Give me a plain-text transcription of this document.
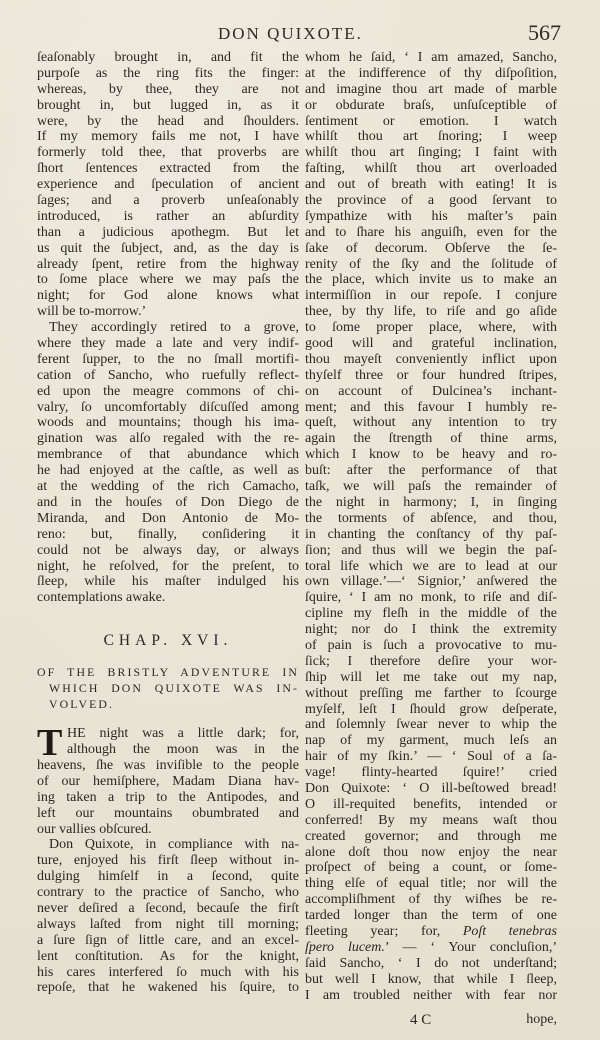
DON QUIXOTE.	567
‘ ſeaſonably brought in, and fit the
‘ purpoſe as the ring fits the finger:
‘ whereas, by thee, they are not
‘ brought in, but lugged in, as it
‘ were, by the head and ſhoulders.
‘ If my memory fails me not, I have
‘ formerly told thee, that proverbs are
‘ ſhort ſentences extracted from the
‘ experience and ſpeculation of ancient
‘ ſages; and a proverb unſeaſonably
‘ introduced, is rather an abſurdity
‘ than a judicious apothegm. But let
‘ us quit the ſubject, and, as the day is
‘ already ſpent, retire from the highway
‘ to ſome place where we may paſs the
‘ night; for God alone knows what
‘ will be to-morrow.’
They accordingly retired to a grove,
where they made a late and very indif-
ferent ſupper, to the no ſmall mortifi-
cation of Sancho, who ruefully reflect-
ed upon the meagre commons of chi-
valry, ſo uncomfortably diſcuſſed among
woods and mountains; though his ima-
gination was alſo regaled with the re-
membrance of that abundance which
he had enjoyed at the caſtle, as well as
at the wedding of the rich Camacho,
and in the houſes of Don Diego de
Miranda, and Don Antonio de Mo-
reno: but, finally, conſidering it
could not be always day, or always
night, he reſolved, for the preſent, to
ſleep, while his maſter indulged his
contemplations awake.
CHAP. XVI.
OF THE BRISTLY ADVENTURE IN
WHICH DON QUIXOTE WAS IN-
VOLVED.
T HE night was a little dark; for,
although the moon was in the
heavens, ſhe was inviſible to the people
of our hemiſphere, Madam Diana hav-
ing taken a trip to the Antipodes, and
left our mountains obumbrated and
our vallies obſcured.
Don Quixote, in compliance with na-
ture, enjoyed his firſt ſleep without in-
dulging himſelf in a ſecond, quite
contrary to the practice of Sancho, who
never deſired a ſecond, becauſe the firſt
always laſted from night till morning;
a ſure ſign of little care, and an excel-
lent conſtitution. As for the knight,
his cares interfered ſo much with his
repoſe, that he wakened his ſquire, to
whom he ſaid, ‘ I am amazed, Sancho,
‘ at the indifference of thy diſpoſition,
‘ and imagine thou art made of marble
‘ or obdurate braſs, unſuſceptible of
‘ ſentiment or emotion. I watch
‘ whilſt thou art ſnoring; I weep
‘ whilſt thou art ſinging; I faint with
‘ faſting, whilſt thou art overloaded
‘ and out of breath with eating! It is
‘ the province of a good ſervant to
‘ ſympathize with his maſter’s pain
‘ and to ſhare his anguiſh, even for the
‘ ſake of decorum. Obſerve the ſe-
‘ renity of the ſky and the ſolitude of
‘ the place, which invite us to make an
‘ intermiſſion in our repoſe. I conjure
‘ thee, by thy life, to riſe and go aſide
‘ to ſome proper place, where, with
‘ good will and grateful inclination,
‘ thou mayeſt conveniently inflict upon
‘ thyſelf three or four hundred ſtripes,
‘ on account of Dulcinea’s inchant-
‘ ment; and this favour I humbly re-
‘ queſt, without any intention to try
‘ again the ſtrength of thine arms,
‘ which I know to be heavy and ro-
‘ buſt: after the performance of that
‘ taſk, we will paſs the remainder of
‘ the night in harmony; I, in ſinging
‘ the torments of abſence, and thou,
‘ in chanting the conſtancy of thy paſ-
‘ ſion; and thus will we begin the paſ-
‘ toral life which we are to lead at our
‘ own village.’—‘ Signior,’ anſwered the
ſquire, ‘ I am no monk, to riſe and diſ-
‘ cipline my fleſh in the middle of the
‘ night; nor do I think the extremity
‘ of pain is ſuch a provocative to mu-
‘ ſick; I therefore deſire your wor-
‘ ſhip will let me take out my nap,
‘ without preſſing me farther to ſcourge
‘ myſelf, leſt I ſhould grow deſperate,
‘ and ſolemnly ſwear never to whip the
‘ nap of my garment, much leſs an
‘ hair of my ſkin.’ — ‘ Soul of a ſa-
‘ vage! flinty-hearted ſquire!’ cried
Don Quixote: ‘ O ill-beſtowed bread!
‘ O ill-requited benefits, intended or
‘ conferred! By my means waſt thou
‘ created governor; and through me
‘ alone doſt thou now enjoy the near
‘ proſpect of being a count, or ſome-
‘ thing elſe of equal title; nor will the
‘ accompliſhment of thy wiſhes be re-
‘ tarded longer than the term of one
‘ fleeting year; for, Poſt tenebras
‘ ſpero lucem.’ — ‘ Your concluſion,’
ſaid Sancho, ‘ I do not underſtand;
‘ but well I know, that while I ſleep,
‘ I am troubled neither with fear nor
4 C	hope,
